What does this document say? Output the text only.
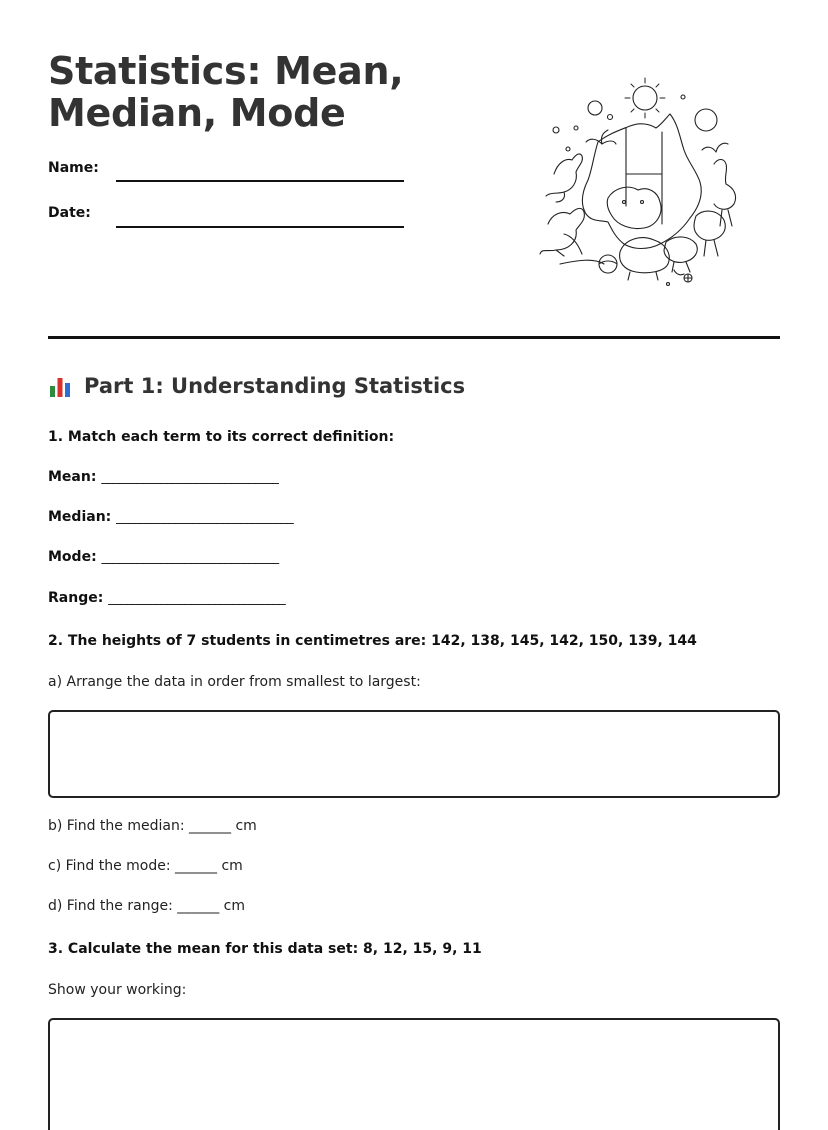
Statistics: Mean,
Median, Mode
Name:
Date:
Part 1: Understanding Statistics
1. Match each term to its correct definition:
Mean: ______________________________
Median: ______________________________
Mode: ______________________________
Range: ______________________________
2. The heights of 7 students in centimetres are: 142, 138, 145, 142, 150, 139, 144
a) Arrange the data in order from smallest to largest:
b) Find the median: ______ cm
c) Find the mode: ______ cm
d) Find the range: ______ cm
3. Calculate the mean for this data set: 8, 12, 15, 9, 11
Show your working:
